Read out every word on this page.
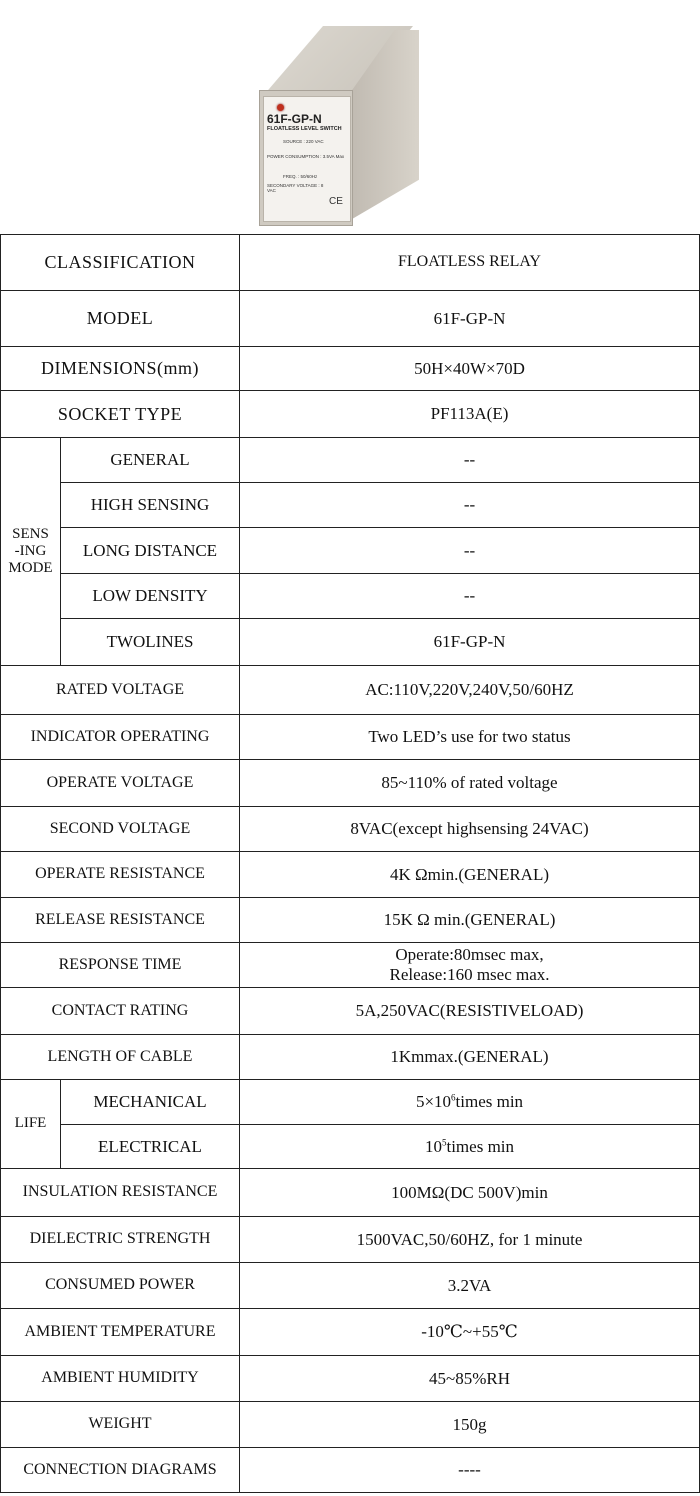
61F-GP-N
FLOATLESS LEVEL SWITCH
SOURCE : 220 VAC
POWER CONSUMPTION : 3.5VA Max
FREQ. : 50/60Hz
SECONDARY VOLTAGE : 8 VAC
CE
CLASSIFICATION		FLOATLESS RELAY
MODEL		61F-GP-N
DIMENSIONS(mm)		50H×40W×70D
SOCKET TYPE		PF113A(E)
SENS
-ING
MODE	GENERAL	--
	HIGH SENSING	--
	LONG DISTANCE	--
	LOW DENSITY	--
	TWOLINES	61F-GP-N
RATED VOLTAGE		AC:110V,220V,240V,50/60HZ
INDICATOR OPERATING		Two LED’s use for two status
OPERATE VOLTAGE		85~110% of rated voltage
SECOND VOLTAGE		8VAC(except highsensing 24VAC)
OPERATE RESISTANCE		4K Ωmin.(GENERAL)
RELEASE RESISTANCE		15K Ω min.(GENERAL)
RESPONSE TIME		Operate:80msec max,
Release:160 msec max.
CONTACT RATING		5A,250VAC(RESISTIVELOAD)
LENGTH OF CABLE		1Kmmax.(GENERAL)
LIFE	MECHANICAL	$5\times 10^6times$ min
	ELECTRICAL	$10^5times$ min
INSULATION RESISTANCE		100MΩ(DC 500V)min
DIELECTRIC STRENGTH		1500VAC,50/60HZ, for 1 minute
CONSUMED POWER		3.2VA
AMBIENT TEMPERATURE		-10℃~+55℃
AMBIENT HUMIDITY		45~85%RH
WEIGHT		150g
CONNECTION DIAGRAMS		----
